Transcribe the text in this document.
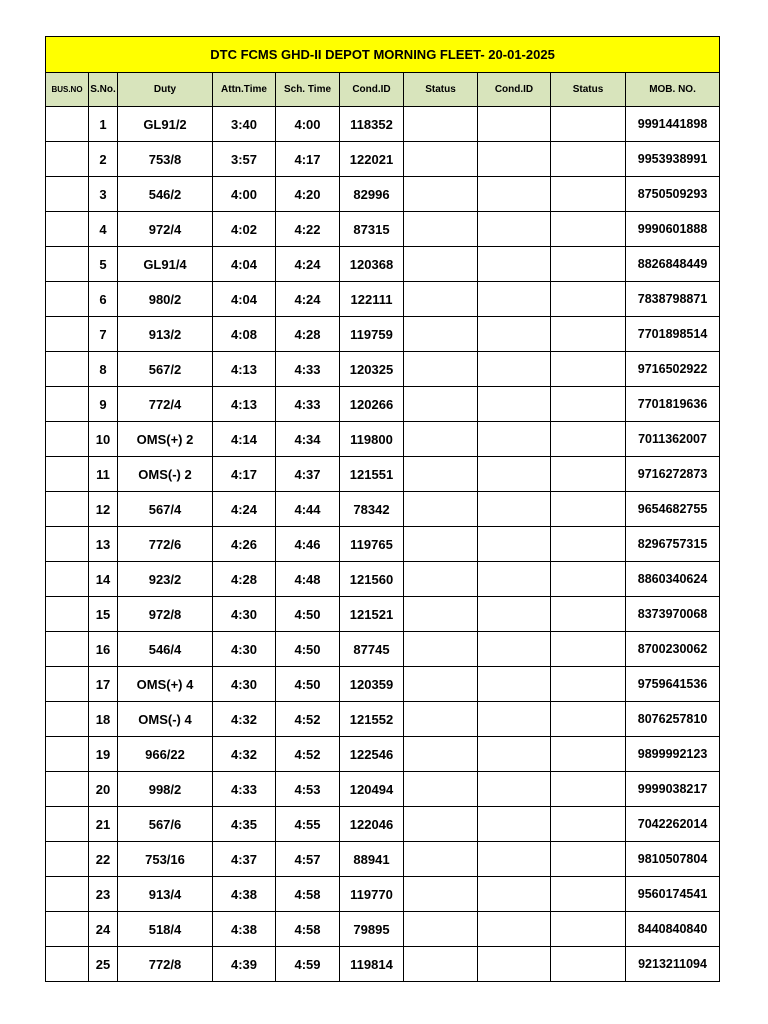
DTC FCMS GHD-II DEPOT MORNING FLEET- 20-01-2025									
BUS.NO	S.No.	Duty	Attn.Time	Sch. Time	Cond.ID	Status	Cond.ID	Status	MOB. NO.
	1	GL91/2	3:40	4:00	118352				9991441898
	2	753/8	3:57	4:17	122021				9953938991
	3	546/2	4:00	4:20	82996				8750509293
	4	972/4	4:02	4:22	87315				9990601888
	5	GL91/4	4:04	4:24	120368				8826848449
	6	980/2	4:04	4:24	122111				7838798871
	7	913/2	4:08	4:28	119759				7701898514
	8	567/2	4:13	4:33	120325				9716502922
	9	772/4	4:13	4:33	120266				7701819636
	10	OMS(+) 2	4:14	4:34	119800				7011362007
	11	OMS(-) 2	4:17	4:37	121551				9716272873
	12	567/4	4:24	4:44	78342				9654682755
	13	772/6	4:26	4:46	119765				8296757315
	14	923/2	4:28	4:48	121560				8860340624
	15	972/8	4:30	4:50	121521				8373970068
	16	546/4	4:30	4:50	87745				8700230062
	17	OMS(+) 4	4:30	4:50	120359				9759641536
	18	OMS(-) 4	4:32	4:52	121552				8076257810
	19	966/22	4:32	4:52	122546				9899992123
	20	998/2	4:33	4:53	120494				9999038217
	21	567/6	4:35	4:55	122046				7042262014
	22	753/16	4:37	4:57	88941				9810507804
	23	913/4	4:38	4:58	119770				9560174541
	24	518/4	4:38	4:58	79895				8440840840
	25	772/8	4:39	4:59	119814				9213211094
